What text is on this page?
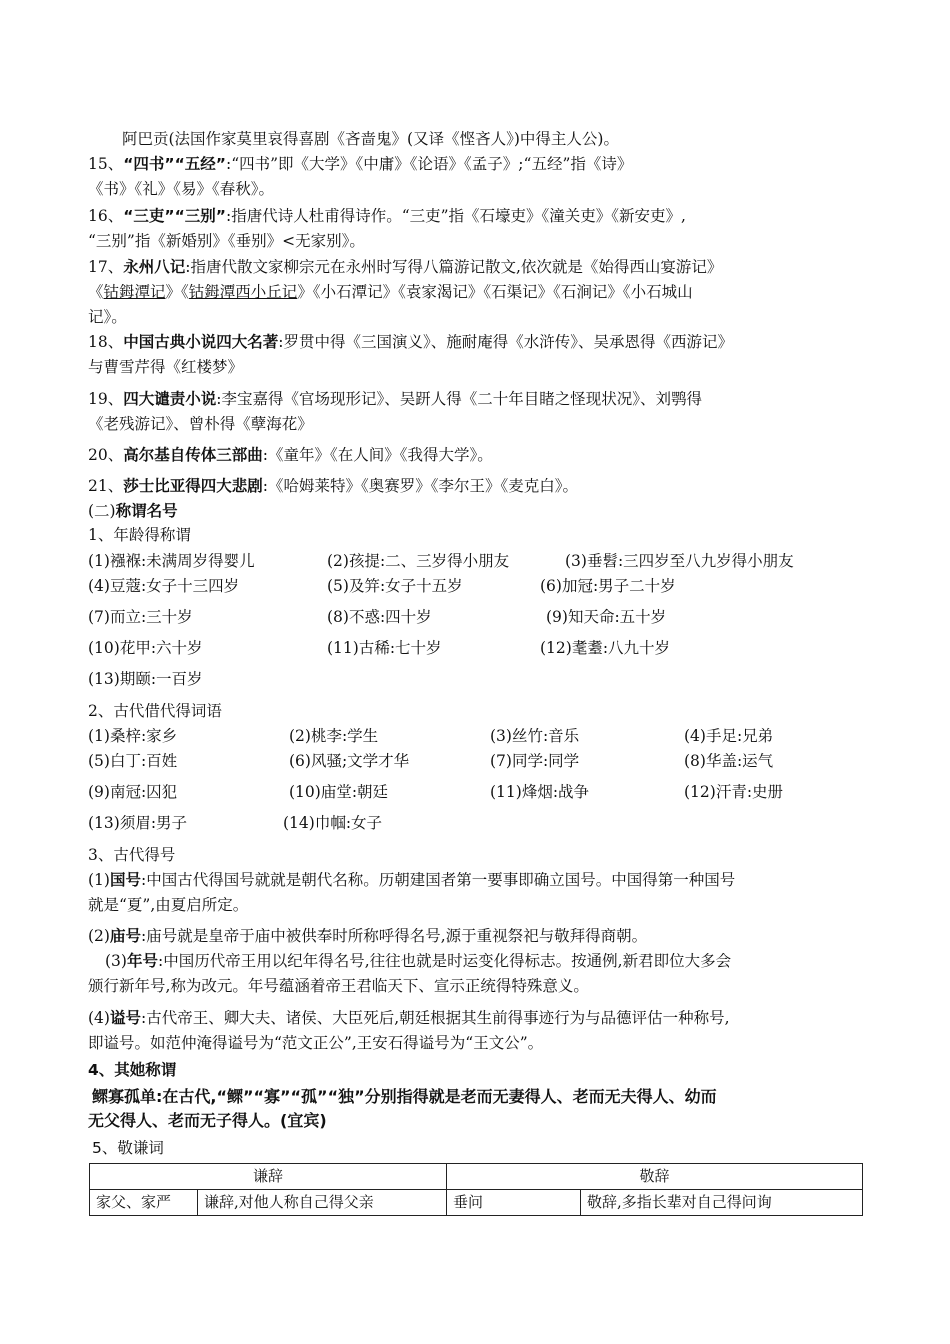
阿巴贡(法国作家莫里哀得喜剧《吝啬鬼》(又译《悭吝人》)中得主人公)。
15、“四书”“五经”:“四书”即《大学》《中庸》《论语》《孟子》;“五经”指《诗》
《书》《礼》《易》《春秋》。
16、“三吏”“三别”:指唐代诗人杜甫得诗作。“三吏”指《石壕吏》《潼关吏》《新安吏》,
“三别”指《新婚别》《垂别》<无家别》。
17、永州八记:指唐代散文家柳宗元在永州时写得八篇游记散文,依次就是《始得西山宴游记》
《钴鉧潭记》《钴鉧潭西小丘记》《小石潭记》《袁家渴记》《石渠记》《石涧记》《小石城山
记》。
18、中国古典小说四大名著:罗贯中得《三国演义》、施耐庵得《水浒传》、吴承恩得《西游记》
与曹雪芹得《红楼梦》
19、四大谴责小说:李宝嘉得《官场现形记》、吴趼人得《二十年目睹之怪现状况》、刘鹗得
《老残游记》、曾朴得《孽海花》
20、高尔基自传体三部曲:《童年》《在人间》《我得大学》。
21、莎士比亚得四大悲剧:《哈姆莱特》《奥赛罗》《李尔王》《麦克白》。
(二)称谓名号
1、年龄得称谓
(1)襁褓:未满周岁得婴儿	(2)孩提:二、三岁得小朋友	(3)垂髫:三四岁至八九岁得小朋友
(4)豆蔻:女子十三四岁	(5)及笄:女子十五岁	(6)加冠:男子二十岁
(7)而立:三十岁	(8)不惑:四十岁	(9)知天命:五十岁
(10)花甲:六十岁	(11)古稀:七十岁	(12)耄耋:八九十岁
(13)期颐:一百岁
2、古代借代得词语
(1)桑梓:家乡	(2)桃李:学生	(3)丝竹:音乐	(4)手足:兄弟
(5)白丁:百姓	(6)风骚;文学才华	(7)同学:同学	(8)华盖:运气
(9)南冠:囚犯	(10)庙堂:朝廷	(11)烽烟:战争	(12)汗青:史册
(13)须眉:男子	(14)巾帼:女子
3、古代得号
(1)国号:中国古代得国号就就是朝代名称。历朝建国者第一要事即确立国号。中国得第一种国号
就是“夏”,由夏启所定。
(2)庙号:庙号就是皇帝于庙中被供奉时所称呼得名号,源于重视祭祀与敬拜得商朝。
(3)年号:中国历代帝王用以纪年得名号,往往也就是时运变化得标志。按通例,新君即位大多会
颁行新年号,称为改元。年号蕴涵着帝王君临天下、宣示正统得特殊意义。
(4)谥号:古代帝王、卿大夫、诸侯、大臣死后,朝廷根据其生前得事迹行为与品德评估一种称号,
即谥号。如范仲淹得谥号为“范文正公”,王安石得谥号为“王文公”。
4、其她称谓
鳏寡孤单:在古代,“鳏”“寡”“孤”“独”分别指得就是老而无妻得人、老而无夫得人、幼而
无父得人、老而无子得人。(宜宾)
5、敬谦词
谦辞		敬辞	
家父、家严	谦辞,对他人称自己得父亲	垂问	敬辞,多指长辈对自己得问询
